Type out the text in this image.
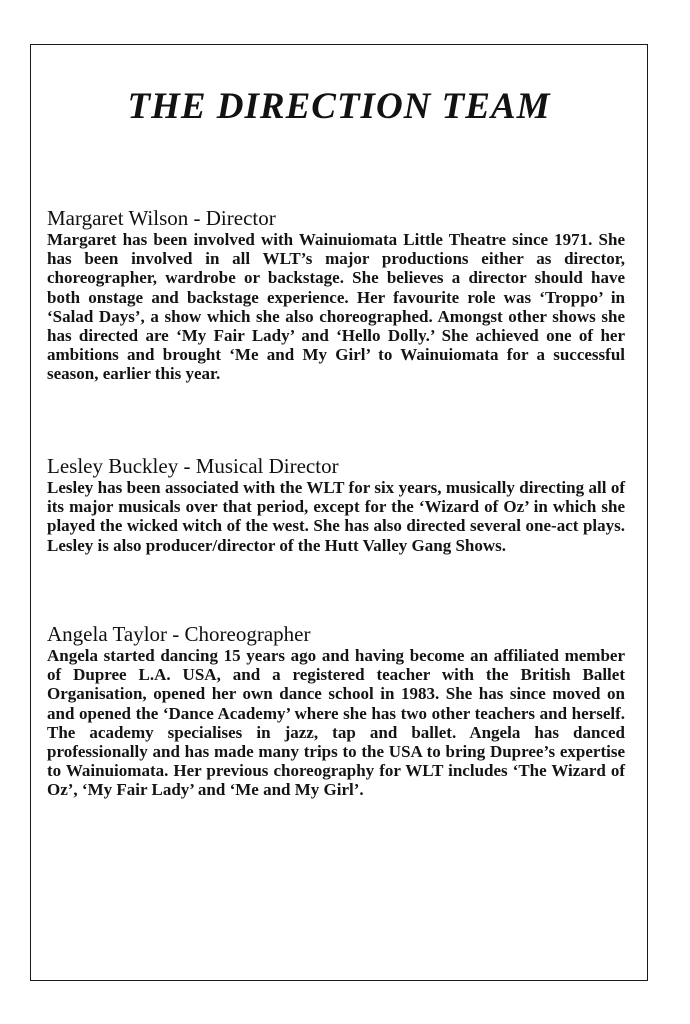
THE DIRECTION TEAM
Margaret Wilson - Director

Margaret has been involved with Wainuiomata Little Theatre since 1971. She has been involved in all WLT’s major productions either as director, choreographer, wardrobe or backstage. She believes a director should have both onstage and backstage experience. Her favourite role was ‘Troppo’ in ‘Salad Days’, a show which she also choreographed. Amongst other shows she has directed are ‘My Fair Lady’ and ‘Hello Dolly.’ She achieved one of her ambitions and brought ‘Me and My Girl’ to Wainuiomata for a successful season, earlier this year.

Lesley Buckley - Musical Director

Lesley has been associated with the WLT for six years, musically directing all of its major musicals over that period, except for the ‘Wizard of Oz’ in which she played the wicked witch of the west. She has also directed several one-act plays. Lesley is also producer/director of the Hutt Valley Gang Shows.

Angela Taylor - Choreographer

Angela started dancing 15 years ago and having become an affiliated member of Dupree L.A. USA, and a registered teacher with the British Ballet Organisation, opened her own dance school in 1983. She has since moved on and opened the ‘Dance Academy’ where she has two other teachers and herself. The academy specialises in jazz, tap and ballet. Angela has danced professionally and has made many trips to the USA to bring Dupree’s expertise to Wainuiomata. Her previous choreography for WLT includes ‘The Wizard of Oz’, ‘My Fair Lady’ and ‘Me and My Girl’.
